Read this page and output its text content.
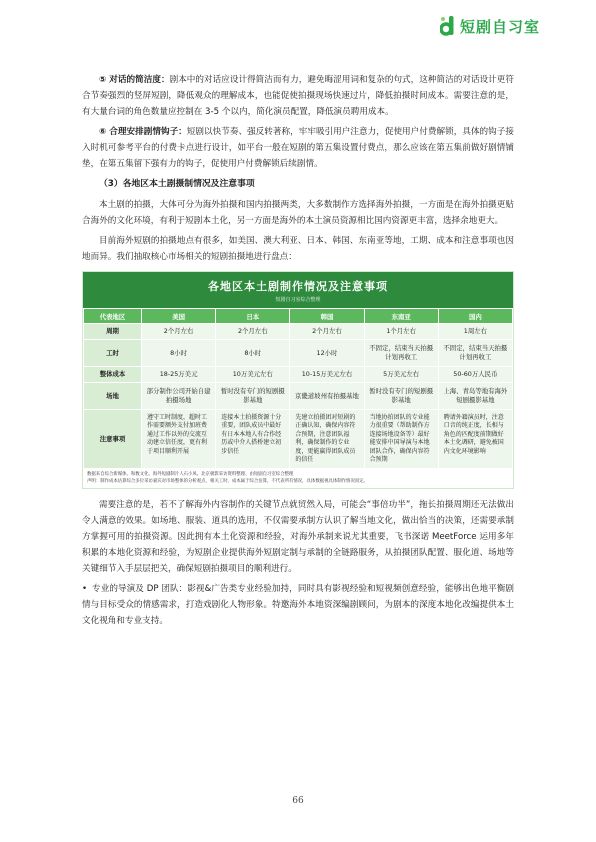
短剧自习室

⑤ 对话的简洁度：剧本中的对话应设计得简洁而有力，避免晦涩用词和复杂的句式，这种简洁的对话设计更符合节奏强烈的竖屏短剧，降低观众的理解成本，也能促使拍摄现场快速过片，降低拍摄时间成本。需要注意的是，有大量台词的角色数量应控制在 3-5 个以内，简化演员配置，降低演员聘用成本。

⑥ 合理安排剧情钩子：短剧以快节奏、强反转著称，牢牢吸引用户注意力，促使用户付费解锁，具体的钩子接入时机可参考平台的付费卡点进行设计，如平台一般在短剧的第五集设置付费点，那么应该在第五集前做好剧情铺垫，在第五集留下强有力的钩子，促使用户付费解锁后续剧情。

（3）各地区本土剧摄制情况及注意事项

本土剧的拍摄，大体可分为海外拍摄和国内拍摄两类，大多数制作方选择海外拍摄，一方面是在海外拍摄更贴合海外的文化环境，有利于短剧本土化，另一方面是海外的本土演员资源相比国内资源更丰富，选择余地更大。

目前海外短剧的拍摄地点有很多，如美国、澳大利亚、日本、韩国、东南亚等地，工期、成本和注意事项也因地而异。我们抽取核心市场相关的短剧拍摄地进行盘点：

各地区本土剧制作情况及注意事项
短剧自习室综合整理
代表地区	美国	日本	韩国	东南亚	国内
周期	2个月左右	2个月左右	2个月左右	1个月左右	1周左右
工时	8小时	8小时	12小时	不固定，结束当天拍摄计划再收工	不固定，结束当天拍摄计划再收工
整体成本	18-25万美元	10万美元左右	10-15万美元左右	5万美元左右	50-60万人民币
场地	部分制作公司开始自建拍摄场地	暂时没有专门的短剧摄影基地	京畿道坡州有拍摄基地	暂时没有专门的短剧摄影基地	上海、青岛等地有海外短剧摄影基地
注意事项	遵守工时制度，超时工作需要额外支付加班费通过工作以外的交流互动建立信任度，更有利于项目顺利开展	连接本土拍摄资源十分重要，团队成员中最好有日本本地人有合作经历或中介人搭桥建立初步信任	先建立拍摄团对短剧的正确认知，确保内容符合预期，注意团队福利，确保制作的专业度，更能赢得团队成员的信任	当地协拍团队的专业能力很重要（帮助制作方连接场地设备等）最好能安排中国导演与本地团队合作，确保内容符合预期	聘请外籍演员时，注意口音的纯正度，长相与角色的匹配度前期做好本土化调研，避免被国内文化环境影响
数据来自综合新媒体、和数文化、海外短剧制片人石小凤、北京极影采访资料整理、由短剧自习室综合整理
声明：制作成本估算综合多位采访嘉宾对市场整体的分析观点，相关工时、成本属于综合估算，不代表所有情况，具体数据视具体制作情况而定。

需要注意的是，若不了解海外内容制作的关键节点就贸然入局，可能会“事倍功半”，拖长拍摄周期还无法做出令人满意的效果。如场地、服装、道具的选用，不仅需要承制方认识了解当地文化，做出恰当的决策，还需要承制方掌握可用的拍摄资源。因此拥有本土化资源和经验，对海外承制来说尤其重要，飞书深诺 MeetForce 运用多年积累的本地化资源和经验，为短剧企业提供海外短剧定制与承制的全链路服务，从拍摄团队配置、服化道、场地等关键细节入手层层把关，确保短剧拍摄项目的顺利进行。

• 专业的导演及 DP 团队：影视&广告类专业经验加持，同时具有影视经验和短视频创意经验，能够出色地平衡剧情与目标受众的情感需求，打造戏剧化人物形象。特邀海外本地资深编剧顾问，为剧本的深度本地化改编提供本土文化视角和专业支持。
66
